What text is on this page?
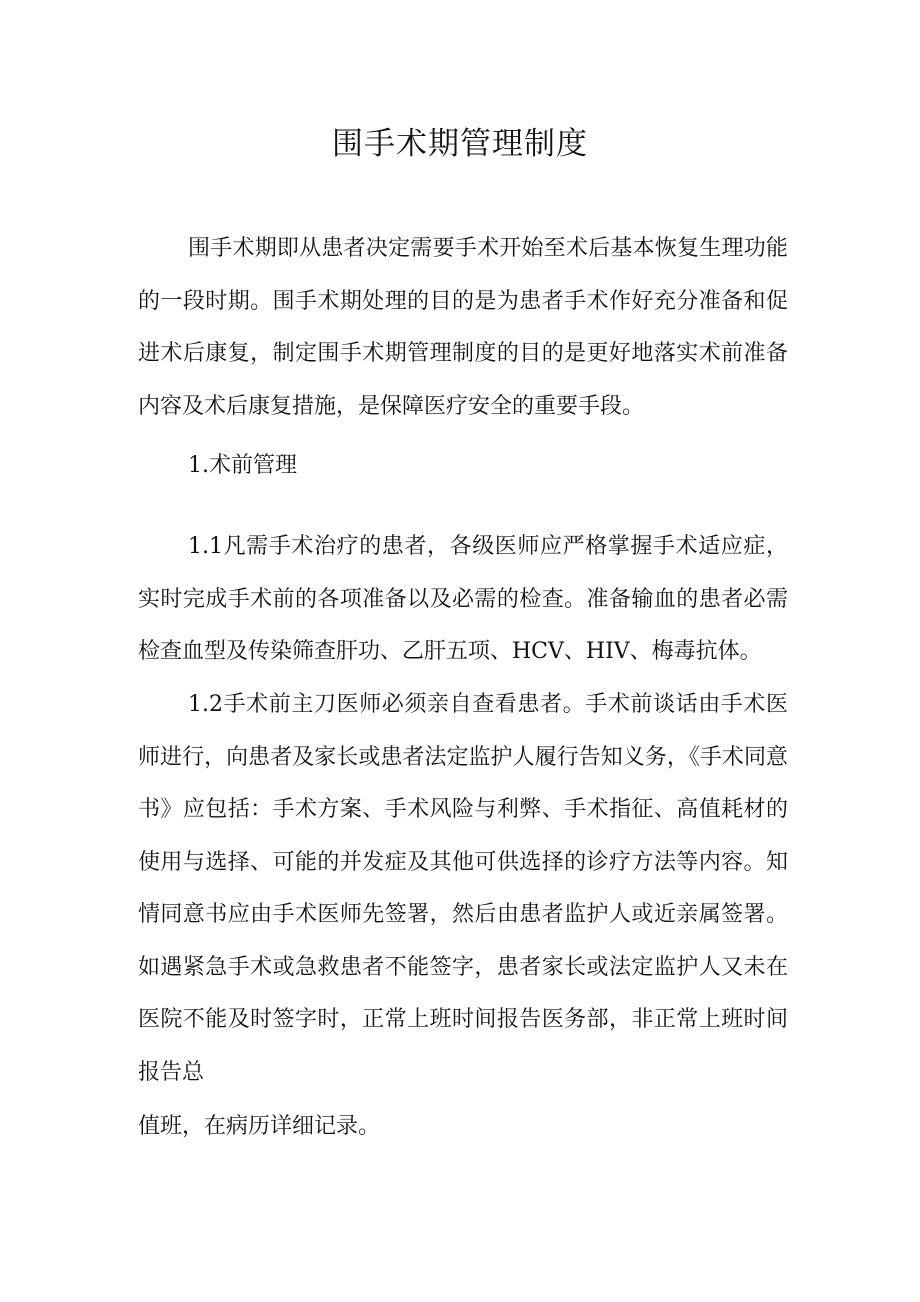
围手术期管理制度

围手术期即从患者决定需要手术开始至术后基本恢复生理功能的一段时期。围手术期处理的目的是为患者手术作好充分准备和促进术后康复，制定围手术期管理制度的目的是更好地落实术前准备内容及术后康复措施，是保障医疗安全的重要手段。

1.术前管理

1.1凡需手术治疗的患者，各级医师应严格掌握手术适应症，实时完成手术前的各项准备以及必需的检查。准备输血的患者必需检查血型及传染筛查肝功、乙肝五项、HCV、HIV、梅毒抗体。

1.2手术前主刀医师必须亲自查看患者。手术前谈话由手术医师进行，向患者及家长或患者法定监护人履行告知义务，《手术同意书》应包括：手术方案、手术风险与利弊、手术指征、高值耗材的使用与选择、可能的并发症及其他可供选择的诊疗方法等内容。知情同意书应由手术医师先签署，然后由患者监护人或近亲属签署。如遇紧急手术或急救患者不能签字，患者家长或法定监护人又未在医院不能及时签字时，正常上班时间报告医务部，非正常上班时间报告总

值班，在病历详细记录。
